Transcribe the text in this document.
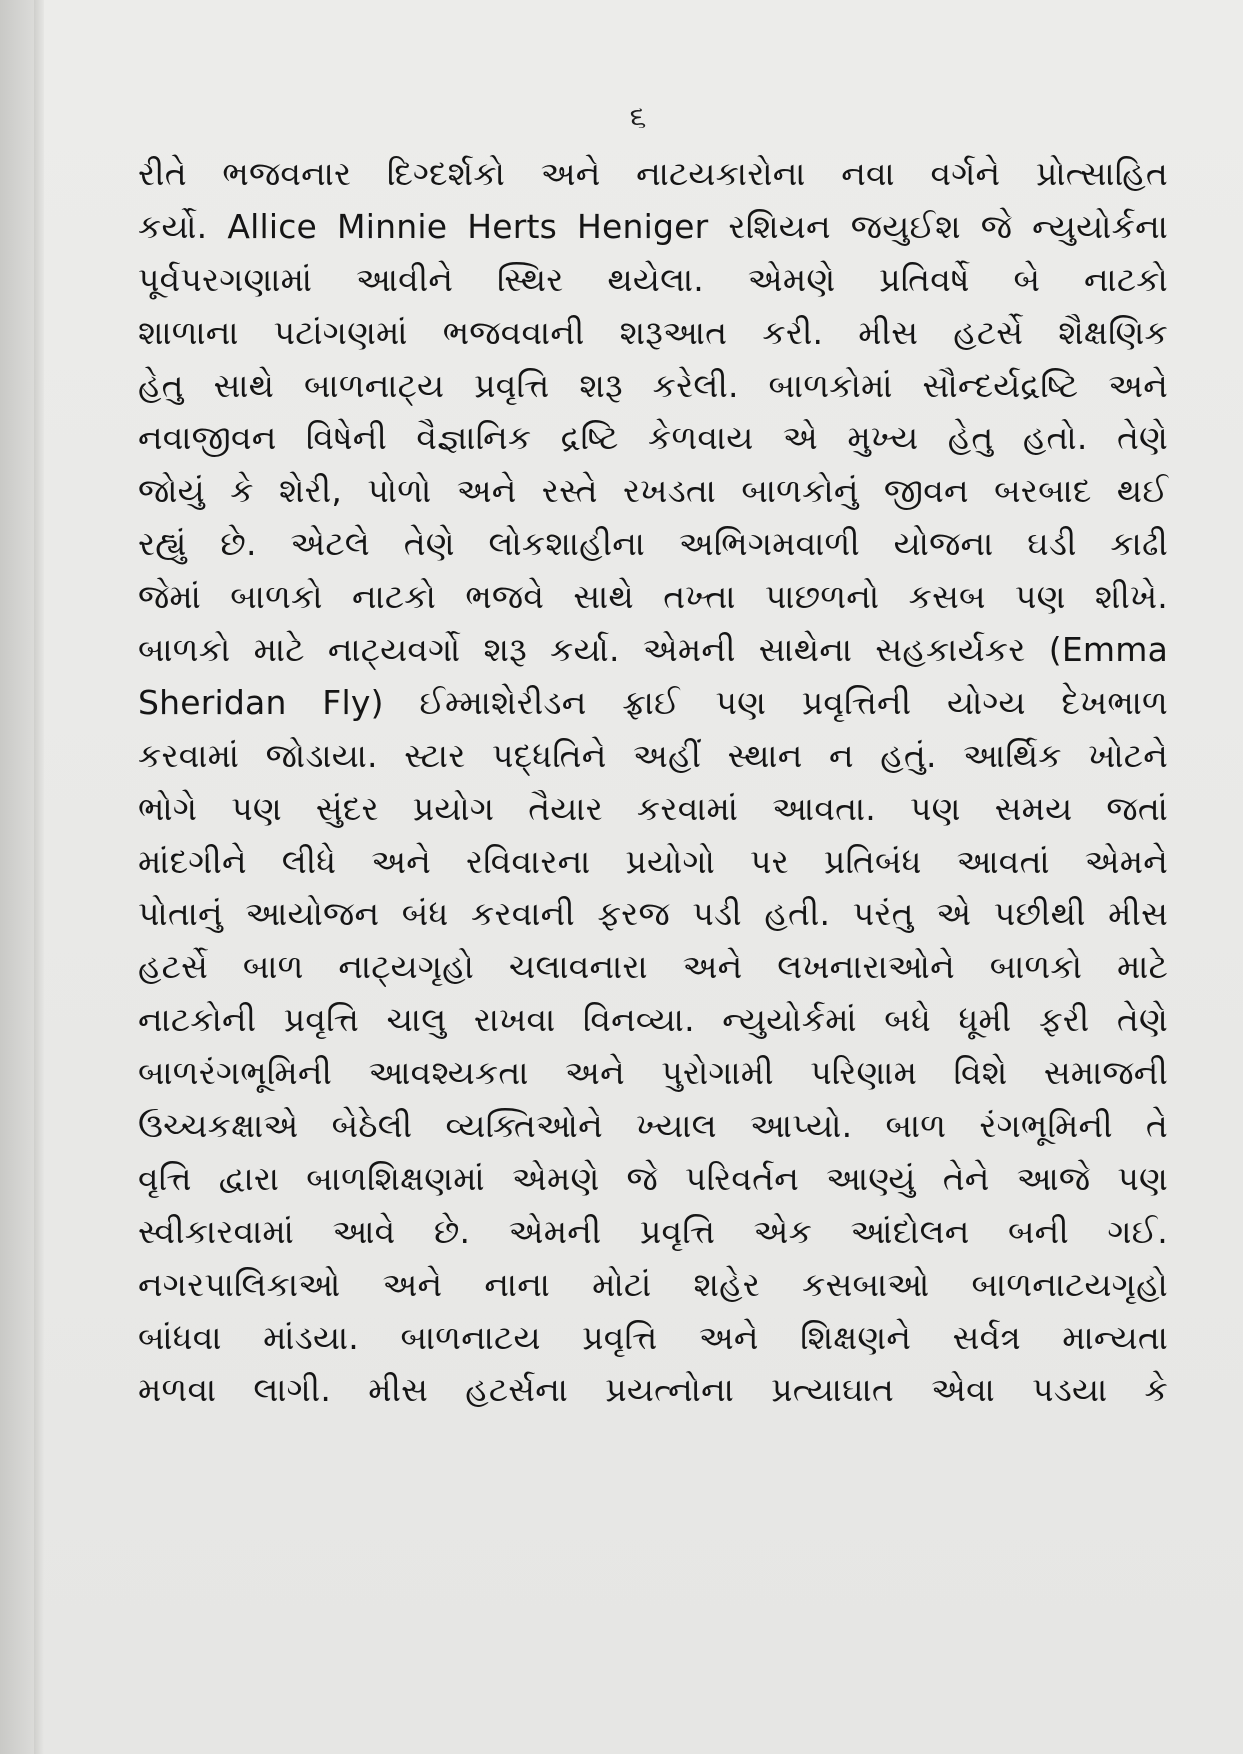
૬
રીતે ભજવનાર દિગ્દર્શકો અને નાટયકારોના નવા વર્ગને પ્રોત્સાહિત
કર્યો. Allice Minnie Herts Heniger રશિયન જયુઈશ જે ન્યુયોર્કના
પૂર્વપરગણામાં આવીને સ્થિર થયેલા. એમણે પ્રતિવર્ષે બે નાટકો
શાળાના પટાંગણમાં ભજવવાની શરૂઆત કરી. મીસ હટર્સે શૈક્ષણિક
હેતુ સાથે બાળનાટ્ય પ્રવૃત્તિ શરૂ કરેલી. બાળકોમાં સૌન્દર્યદ્રષ્ટિ અને
નવાજીવન વિષેની વૈજ્ઞાનિક દ્રષ્ટિ કેળવાય એ મુખ્ય હેતુ હતો. તેણે
જોયું કે શેરી, પોળો અને રસ્તે રખડતા બાળકોનું જીવન બરબાદ થઈ
રહ્યું છે. એટલે તેણે લોકશાહીના અભિગમવાળી યોજના ઘડી કાઢી
જેમાં બાળકો નાટકો ભજવે સાથે તખ્તા પાછળનો કસબ પણ શીખે.
બાળકો માટે નાટ્યવર્ગો શરૂ કર્યા. એમની સાથેના સહકાર્યકર (Emma
Sheridan Fly) ઈમ્માશેરીડન ફ્રાઈ પણ પ્રવૃત્તિની યોગ્ય દેખભાળ
કરવામાં જોડાયા. સ્ટાર પદ્ધતિને અહીં સ્થાન ન હતું. આર્થિક ખોટને
ભોગે પણ સુંદર પ્રયોગ તૈયાર કરવામાં આવતા. પણ સમય જતાં
માંદગીને લીધે અને રવિવારના પ્રયોગો પર પ્રતિબંધ આવતાં એમને
પોતાનું આયોજન બંધ કરવાની ફરજ પડી હતી. પરંતુ એ પછીથી મીસ
હટર્સે બાળ નાટ્યગૃહો ચલાવનારા અને લખનારાઓને બાળકો માટે
નાટકોની પ્રવૃત્તિ ચાલુ રાખવા વિનવ્યા. ન્યુયોર્કમાં બધે ધૂમી ફરી તેણે
બાળરંગભૂમિની આવશ્યકતા અને પુરોગામી પરિણામ વિશે સમાજની
ઉચ્ચકક્ષાએ બેઠેલી વ્યક્તિઓને ખ્યાલ આપ્યો. બાળ રંગભૂમિની તે
વૃત્તિ દ્વારા બાળશિક્ષણમાં એમણે જે પરિવર્તન આણ્યું તેને આજે પણ
સ્વીકારવામાં આવે છે. એમની પ્રવૃત્તિ એક આંદોલન બની ગઈ.
નગરપાલિકાઓ અને નાના મોટાં શહેર કસબાઓ બાળનાટયગૃહો
બાંધવા માંડયા. બાળનાટય પ્રવૃત્તિ અને શિક્ષણને સર્વત્ર માન્યતા
મળવા લાગી. મીસ હટર્સના પ્રયત્નોના પ્રત્યાઘાત એવા પડયા કે
